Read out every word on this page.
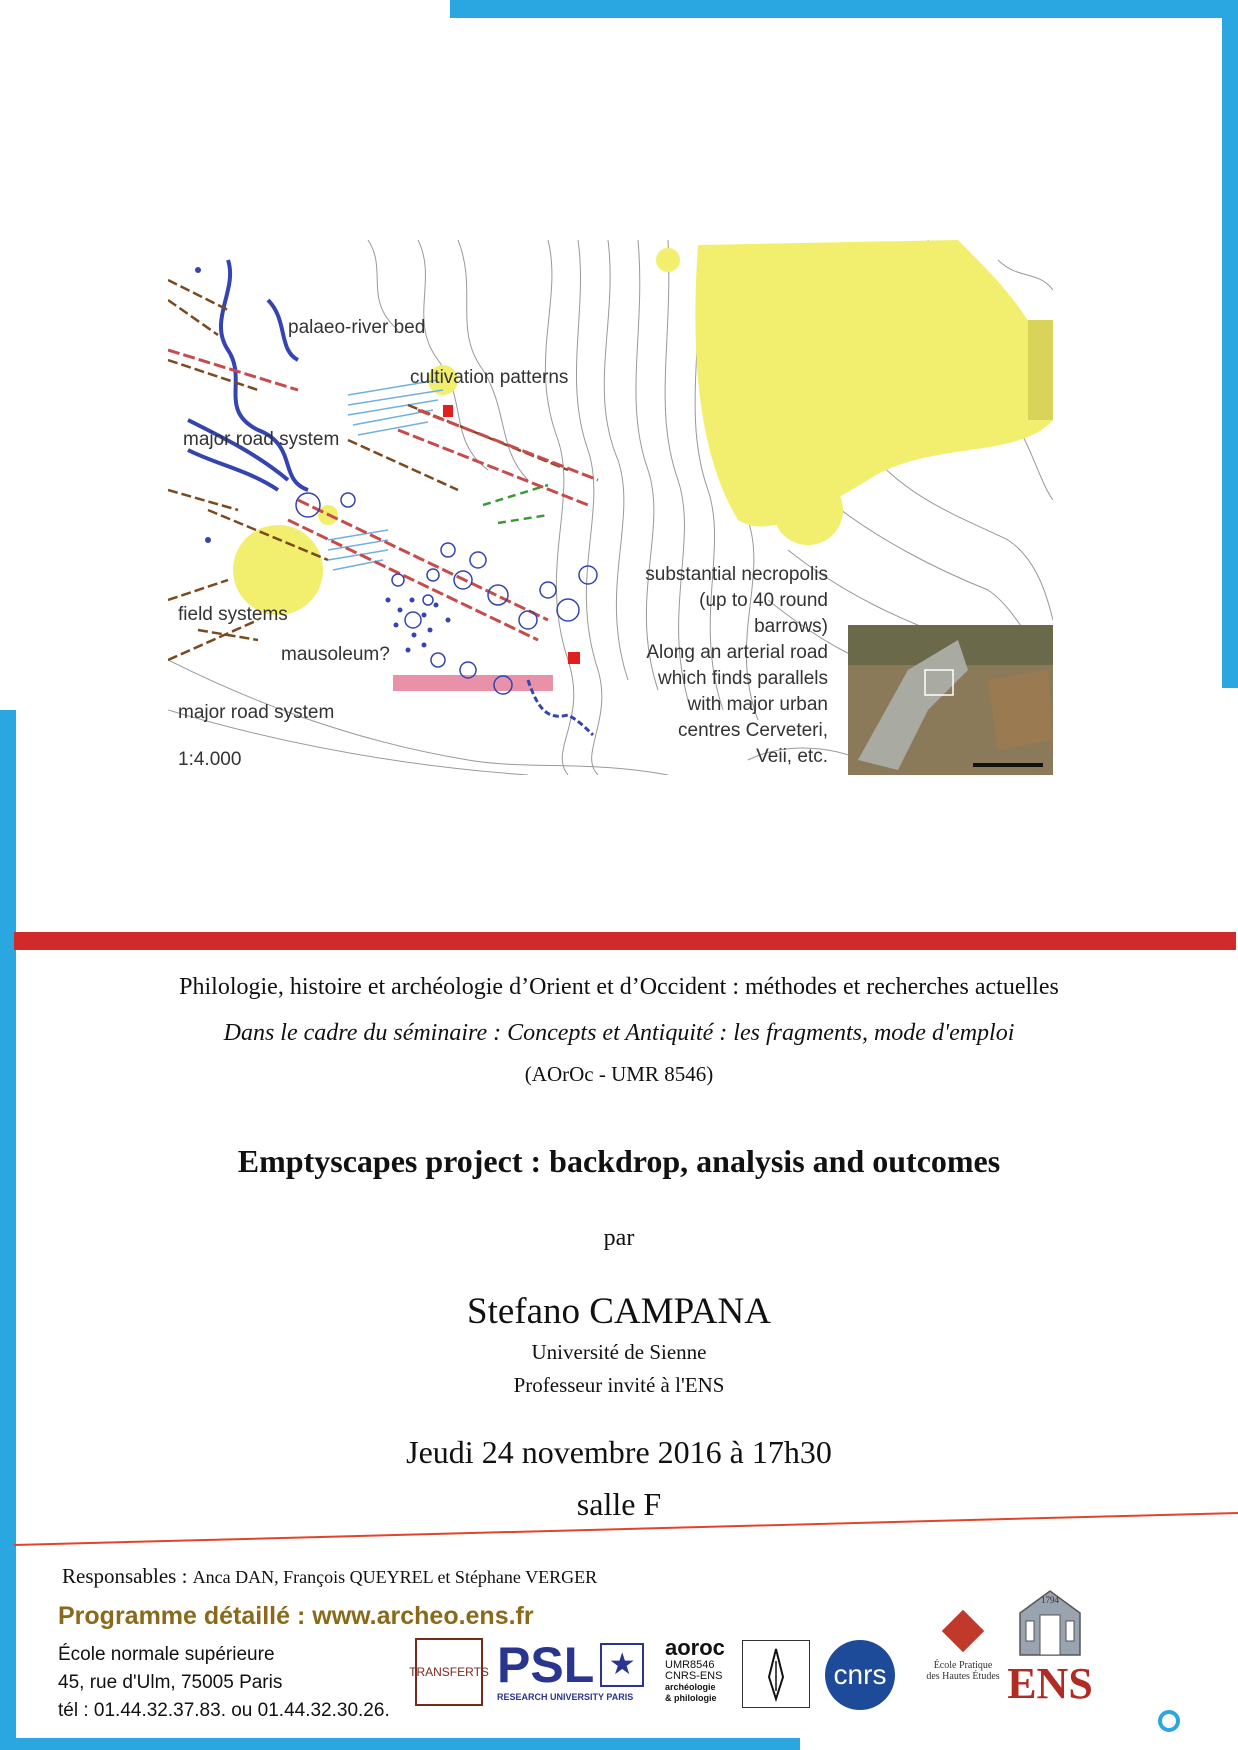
palaeo-river bed
cultivation patterns
major road system
field systems
mausoleum?
major road system
1:4.000
substantial necropolis
(up to 40 round
barrows)
Along an arterial road
which finds parallels
with major urban
centres Cerveteri,
Veii, etc.
Philologie, histoire et archéologie d’Orient et d’Occident : méthodes et recherches actuelles
Dans le cadre du séminaire : Concepts et Antiquité : les fragments, mode d'emploi
(AOrOc - UMR 8546)
Emptyscapes project : backdrop, analysis and outcomes
par
Stefano CAMPANA
Université de Sienne
Professeur invité à l'ENS
Jeudi 24 novembre 2016 à 17h30
salle F
Responsables : Anca DAN, François QUEYREL et Stéphane VERGER
Programme détaillé : www.archeo.ens.fr
École normale supérieure
45, rue d'Ulm, 75005 Paris
tél : 01.44.32.37.83. ou 01.44.32.30.26.
TRANSFERTS PSL ★
RESEARCH UNIVERSITY PARIS
aoroc
UMR8546
CNRS-ENS
archéologie
& philologie
cnrs	École Pratique
des Hautes Études
1794
ENS
